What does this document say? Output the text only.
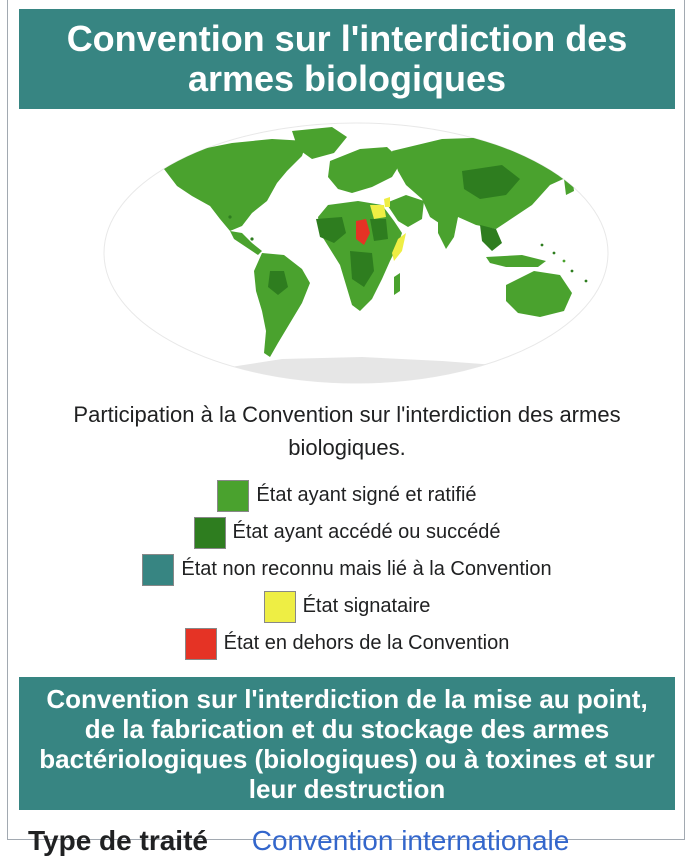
Convention sur l'interdiction des armes biologiques
Participation à la Convention sur l'interdiction des armes biologiques.
État ayant signé et ratifié
État ayant accédé ou succédé
État non reconnu mais lié à la Convention
État signataire
État en dehors de la Convention
Convention sur l'interdiction de la mise au point, de la fabrication et du stockage des armes bactériologiques (biologiques) ou à toxines et sur leur destruction
Type de traité Convention internationale
